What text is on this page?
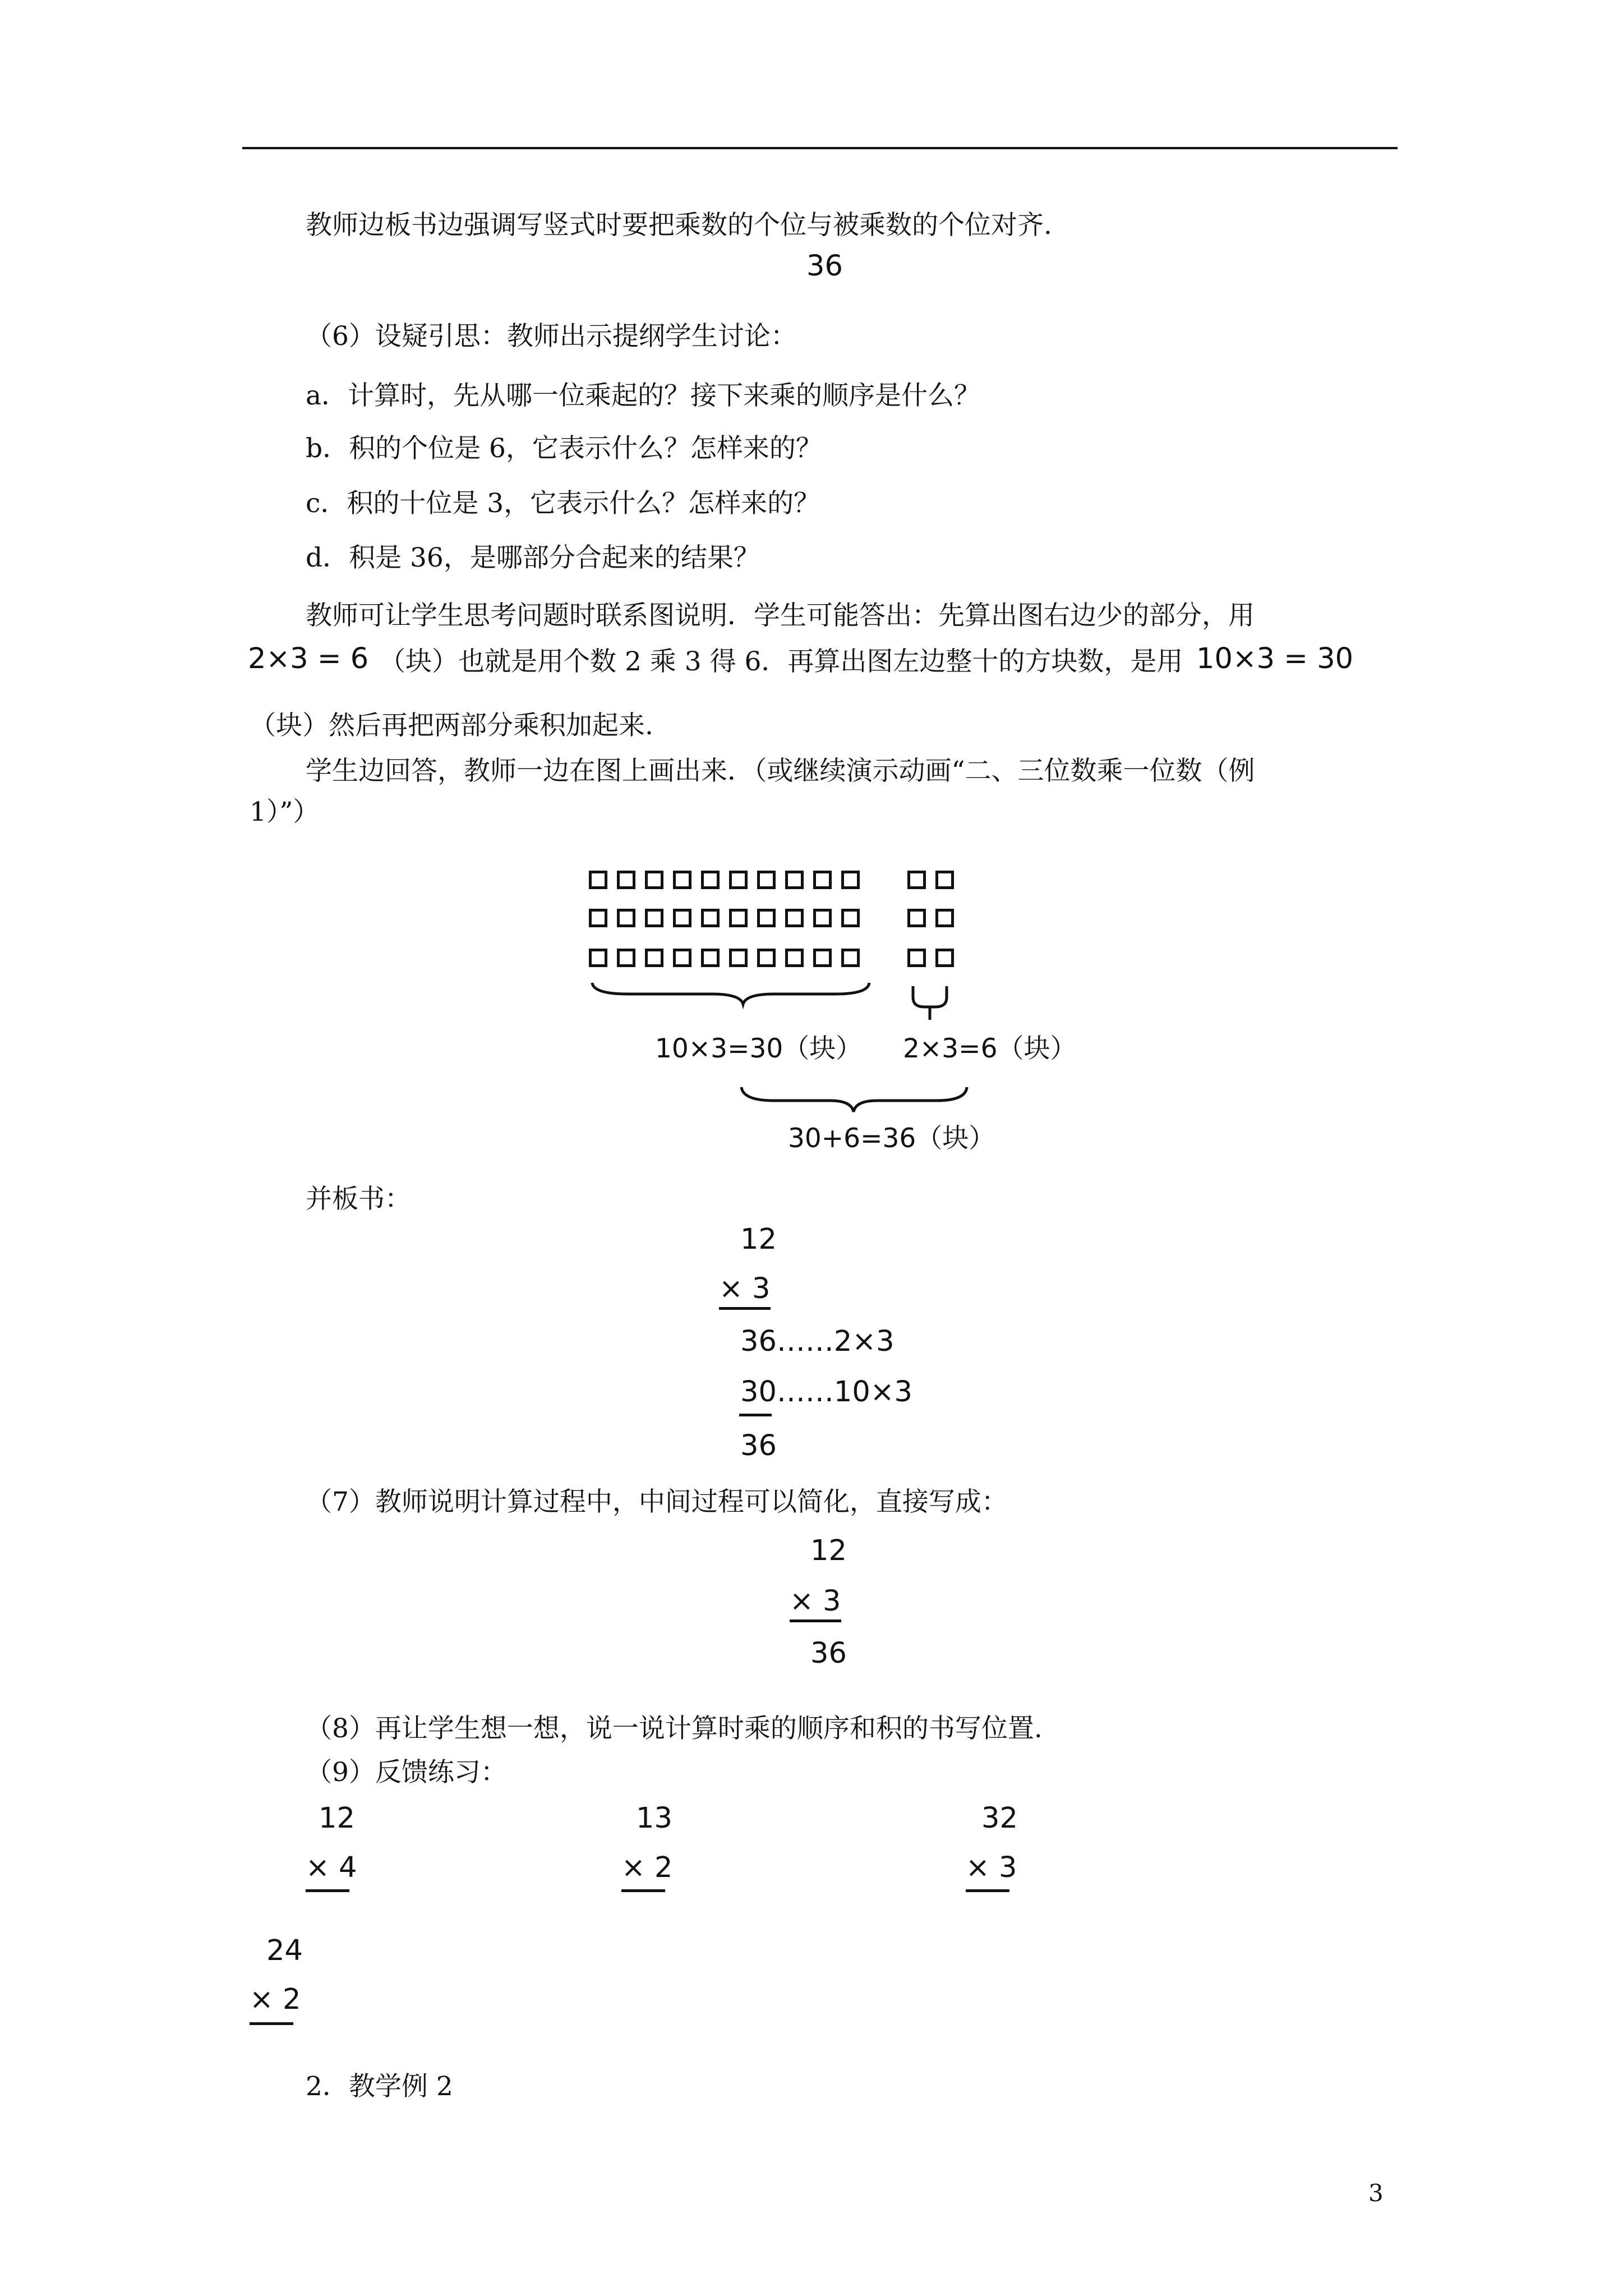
教师边板书边强调写竖式时要把乘数的个位与被乘数的个位对齐.
36
（6）设疑引思：教师出示提纲学生讨论：
a．计算时，先从哪一位乘起的？接下来乘的顺序是什么？
b．积的个位是 6，它表示什么？怎样来的？
c．积的十位是 3，它表示什么？怎样来的？
d．积是 36，是哪部分合起来的结果？
教师可让学生思考问题时联系图说明．学生可能答出：先算出图右边少的部分，用
2×3 = 6 （块）也就是用个数 2 乘 3 得 6．再算出图左边整十的方块数，是用 10×3 = 30
（块）然后再把两部分乘积加起来.
学生边回答，教师一边在图上画出来．（或继续演示动画“二、三位数乘一位数（例
1）”）
10×3=30（块） 2×3=6（块）
30+6=36（块）
并板书：
12
× 3
36……2×3
30……10×3
36
（7）教师说明计算过程中，中间过程可以简化，直接写成：
12
× 3
36
（8）再让学生想一想，说一说计算时乘的顺序和积的书写位置.
（9）反馈练习：
12
× 4
13
× 2
32
× 3
24
× 2
2．教学例 2
3
